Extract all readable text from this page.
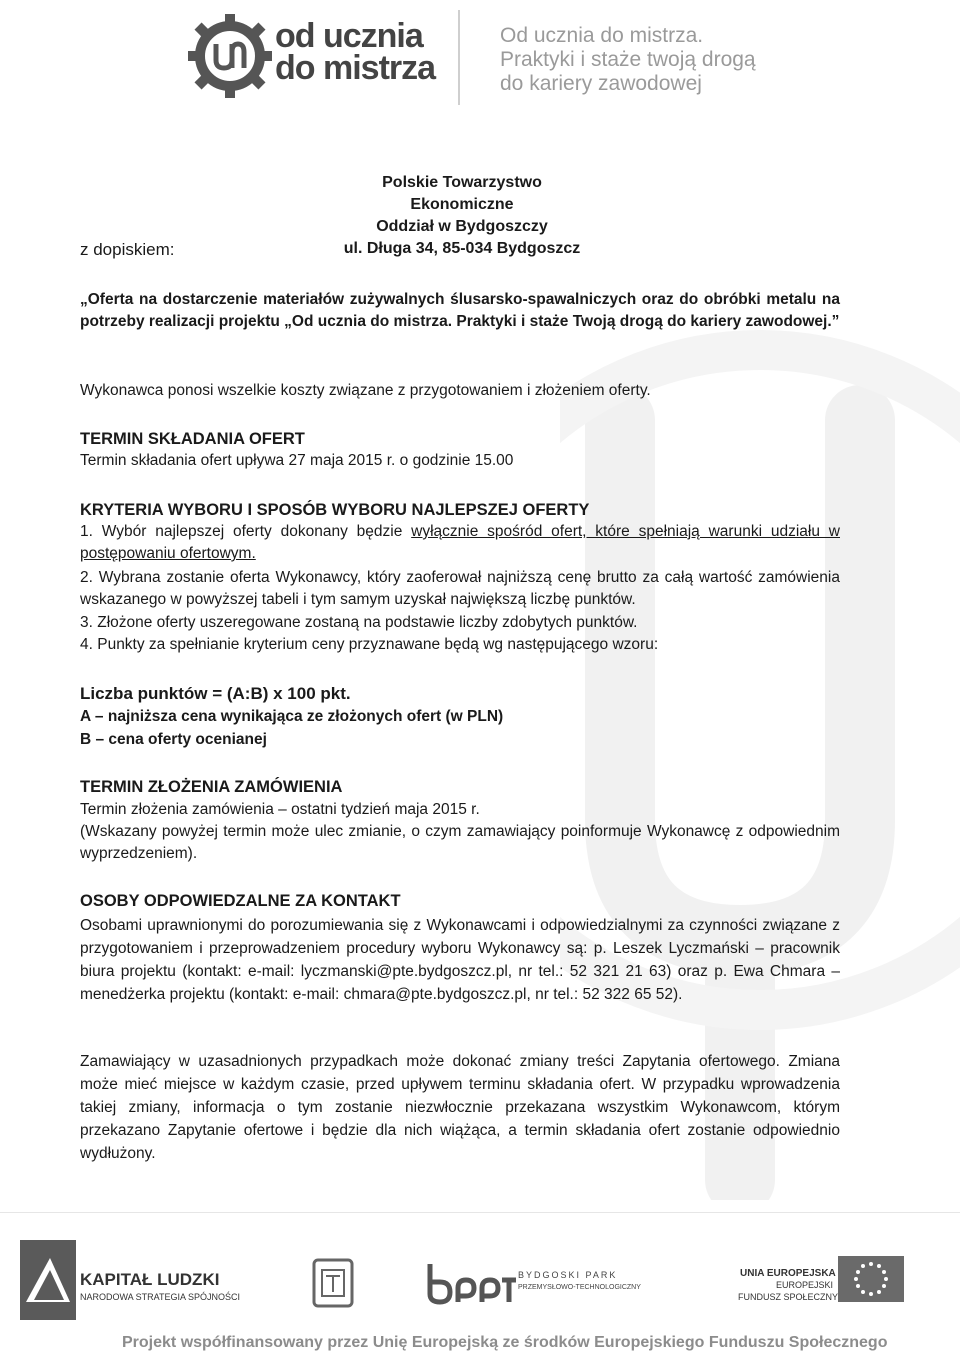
od ucznia
do mistrza
Od ucznia do mistrza.
Praktyki i staże twoją drogą
do kariery zawodowej
Polskie Towarzystwo Ekonomiczne
Oddział w Bydgoszczy
ul. Długa 34, 85-034 Bydgoszcz
z dopiskiem:

„Oferta na dostarczenie materiałów zużywalnych ślusarsko-spawalniczych oraz do obróbki metalu na potrzeby realizacji projektu „Od ucznia do mistrza. Praktyki i staże Twoją drogą do kariery zawodowej.”

Wykonawca ponosi wszelkie koszty związane z przygotowaniem i złożeniem oferty.

TERMIN SKŁADANIA OFERT

Termin składania ofert upływa 27 maja 2015 r. o godzinie 15.00

KRYTERIA WYBORU I SPOSÓB WYBORU NAJLEPSZEJ OFERTY

1. Wybór najlepszej oferty dokonany będzie wyłącznie spośród ofert, które spełniają warunki udziału w postępowaniu ofertowym.

2. Wybrana zostanie oferta Wykonawcy, który zaoferował najniższą cenę brutto za całą wartość zamówienia wskazanego w powyższej tabeli i tym samym uzyskał największą liczbę punktów.

3. Złożone oferty uszeregowane zostaną na podstawie liczby zdobytych punktów.

4. Punkty za spełnianie kryterium ceny przyznawane będą wg następującego wzoru:

Liczba punktów = (A:B) x 100 pkt.

A – najniższa cena wynikająca ze złożonych ofert (w PLN)

B – cena oferty ocenianej

TERMIN ZŁOŻENIA ZAMÓWIENIA

Termin złożenia zamówienia – ostatni tydzień maja 2015 r.

(Wskazany powyżej termin może ulec zmianie, o czym zamawiający poinformuje Wykonawcę z odpowiednim wyprzedzeniem).

OSOBY ODPOWIEDZALNE ZA KONTAKT

Osobami uprawnionymi do porozumiewania się z Wykonawcami i odpowiedzialnymi za czynności związane z przygotowaniem i przeprowadzeniem procedury wyboru Wykonawcy są: p. Leszek Lyczmański – pracownik biura projektu (kontakt: e-mail: lyczmanski@pte.bydgoszcz.pl, nr tel.: 52 321 21 63) oraz p. Ewa Chmara – menedżerka projektu (kontakt: e-mail: chmara@pte.bydgoszcz.pl, nr tel.: 52 322 65 52).

Zamawiający w uzasadnionych przypadkach może dokonać zmiany treści Zapytania ofertowego. Zmiana może mieć miejsce w każdym czasie, przed upływem terminu składania ofert. W przypadku wprowadzenia takiej zmiany, informacja o tym zostanie niezwłocznie przekazana wszystkim Wykonawcom, którym przekazano Zapytanie ofertowe i będzie dla nich wiążąca, a termin składania ofert zostanie odpowiednio wydłużony.

KAPITAŁ LUDZKI
NARODOWA STRATEGIA SPÓJNOŚCI
BYDGOSKI PARK
PRZEMYSŁOWO-TECHNOLOGICZNY
UNIA EUROPEJSKA
EUROPEJSKI
FUNDUSZ SPOŁECZNY
Projekt współfinansowany przez Unię Europejską ze środków Europejskiego Funduszu Społecznego
